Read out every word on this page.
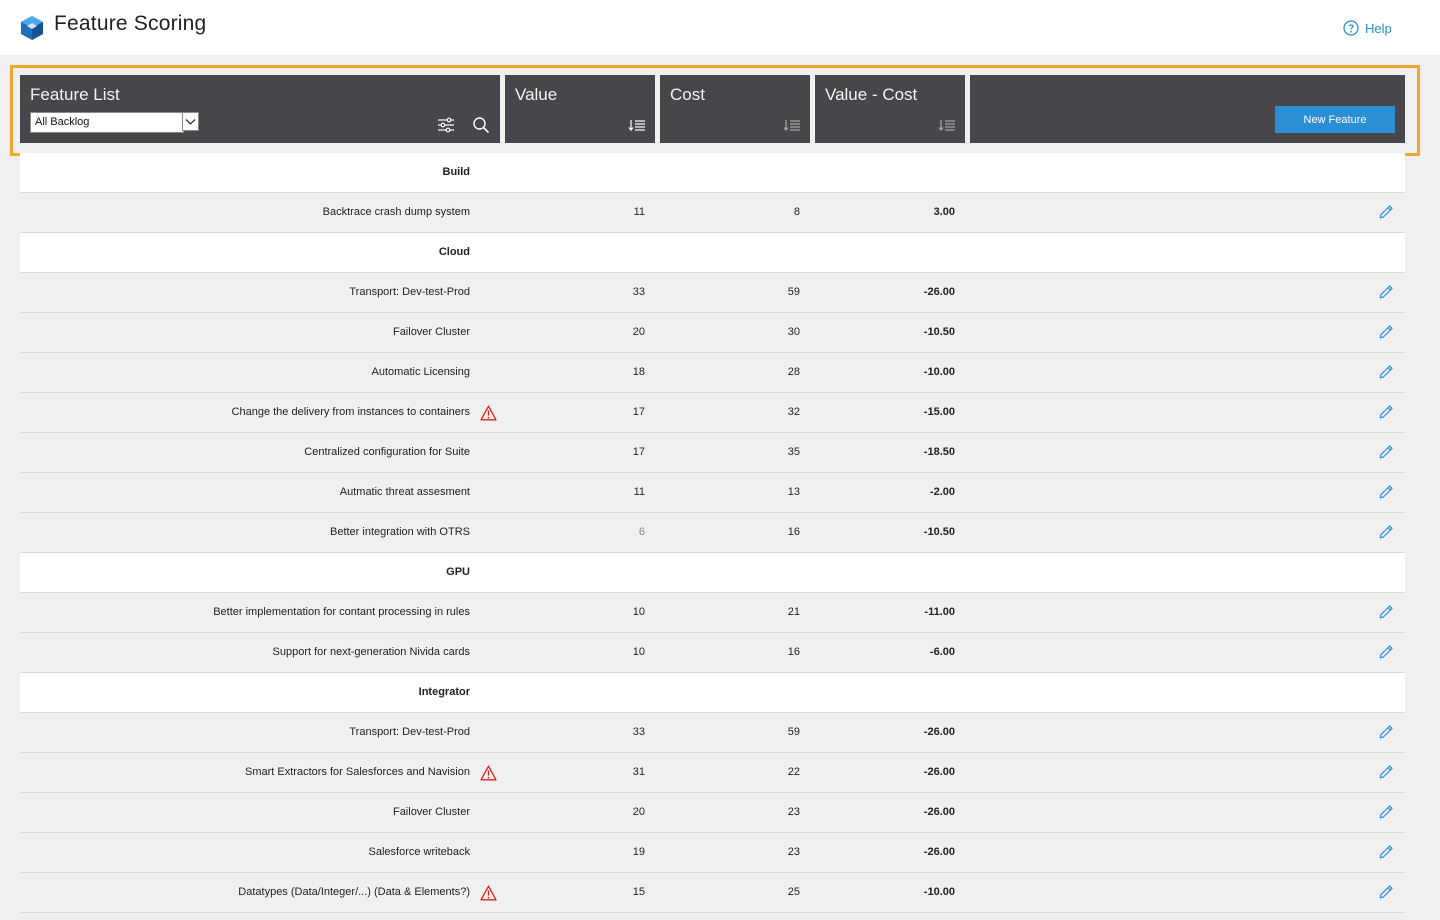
Feature Scoring	Help
Feature List
All Backlog
Value	Cost	Value - Cost
New Feature
Build
Backtrace crash dump system	11	8	3.00
Cloud
Transport: Dev-test-Prod	33	59	-26.00
Failover Cluster	20	30	-10.50
Automatic Licensing	18	28	-10.00
Change the delivery from instances to containers	17	32	-15.00
Centralized configuration for Suite	17	35	-18.50
Autmatic threat assesment	11	13	-2.00
Better integration with OTRS	6	16	-10.50
GPU
Better implementation for contant processing in rules	10	21	-11.00
Support for next-generation Nivida cards	10	16	-6.00
Integrator
Transport: Dev-test-Prod	33	59	-26.00
Smart Extractors for Salesforces and Navision	31	22	-26.00
Failover Cluster	20	23	-26.00
Salesforce writeback	19	23	-26.00
Datatypes (Data/Integer/...) (Data & Elements?)	15	25	-10.00
